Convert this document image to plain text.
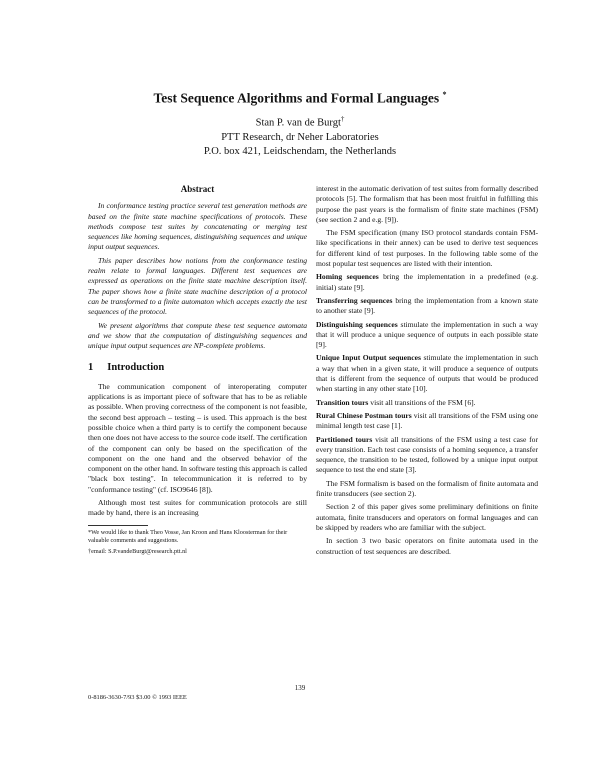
Test Sequence Algorithms and Formal Languages *
Stan P. van de Burgt†
PTT Research, dr Neher Laboratories
P.O. box 421, Leidschendam, the Netherlands
Abstract

In conformance testing practice several test generation methods are based on the finite state machine specifications of protocols. These methods compose test suites by concatenating or merging test sequences like homing sequences, distinguishing sequences and unique input output sequences.

This paper describes how notions from the conformance testing realm relate to formal languages. Different test sequences are expressed as operations on the finite state machine description itself. The paper shows how a finite state machine description of a protocol can be transformed to a finite automaton which accepts exactly the test sequences of the protocol.

We present algorithms that compute these test sequence automata and we show that the computation of distinguishing sequences and unique input output sequences are NP-complete problems.

1 Introduction

The communication component of interoperating computer applications is as important piece of software that has to be as reliable as possible. When proving correctness of the component is not feasible, the second best approach – testing – is used. This approach is the best possible choice when a third party is to certify the component because then one does not have access to the source code itself. The certification of the component can only be based on the specification of the component on the one hand and the observed behavior of the component on the other hand. In software testing this approach is called "black box testing". In telecommunication it is referred to by "conformance testing" (cf. ISO9646 [8]).

Although most test suites for communication protocols are still made by hand, there is an increasing

*We would like to thank Theo Vosse, Jan Kroon and Hans Kloosterman for their valuable comments and suggestions.

†email: S.P.vandeBurgt@research.ptt.nl

interest in the automatic derivation of test suites from formally described protocols [5]. The formalism that has been most fruitful in fulfilling this purpose the past years is the formalism of finite state machines (FSM) (see section 2 and e.g. [9]).

The FSM specification (many ISO protocol standards contain FSM-like specifications in their annex) can be used to derive test sequences for different kind of test purposes. In the following table some of the most popular test sequences are listed with their intention.

Homing sequences bring the implementation in a predefined (e.g. initial) state [9].

Transferring sequences bring the implementation from a known state to another state [9].

Distinguishing sequences stimulate the implementation in such a way that it will produce a unique sequence of outputs in each possible state [9].

Unique Input Output sequences stimulate the implementation in such a way that when in a given state, it will produce a sequence of outputs that is different from the sequence of outputs that would be produced when starting in any other state [10].

Transition tours visit all transitions of the FSM [6].

Rural Chinese Postman tours visit all transitions of the FSM using one minimal length test case [1].

Partitioned tours visit all transitions of the FSM using a test case for every transition. Each test case consists of a homing sequence, a transfer sequence, the transition to be tested, followed by a unique input output sequence to test the end state [3].

The FSM formalism is based on the formalism of finite automata and finite transducers (see section 2).

Section 2 of this paper gives some preliminary definitions on finite automata, finite transducers and operators on formal languages and can be skipped by readers who are familiar with the subject.

In section 3 two basic operators on finite automata used in the construction of test sequences are described.

139
0-8186-3630-7/93 $3.00 © 1993 IEEE
